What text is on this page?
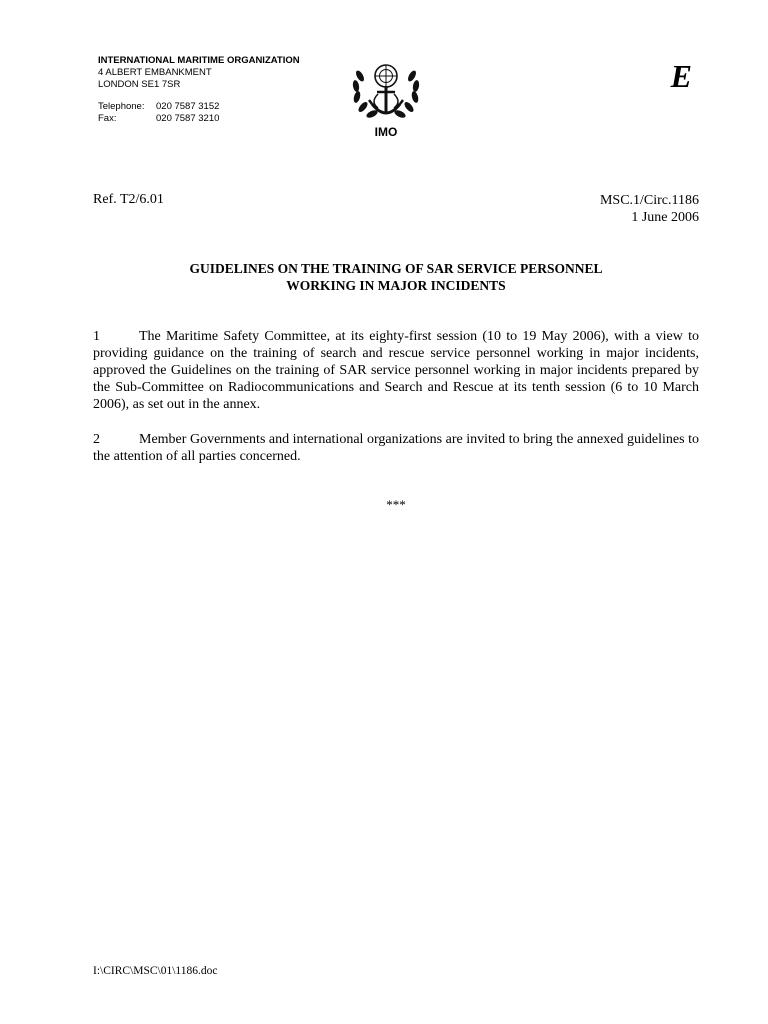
INTERNATIONAL MARITIME ORGANIZATION
4 ALBERT EMBANKMENT
LONDON SE1 7SR
Telephone:	020 7587 3152
Fax:	020 7587 3210
IMO
E
Ref. T2/6.01	MSC.1/Circ.1186
1 June 2006
GUIDELINES ON THE TRAINING OF SAR SERVICE PERSONNEL
WORKING IN MAJOR INCIDENTS
1	The Maritime Safety Committee, at its eighty-first session (10 to 19 May 2006), with a view to providing guidance on the training of search and rescue service personnel working in major incidents, approved the Guidelines on the training of SAR service personnel working in major incidents prepared by the Sub-Committee on Radiocommunications and Search and Rescue at its tenth session (6 to 10 March 2006), as set out in the annex.
2	Member Governments and international organizations are invited to bring the annexed guidelines to the attention of all parties concerned.
***
I:\CIRC\MSC\01\1186.doc
